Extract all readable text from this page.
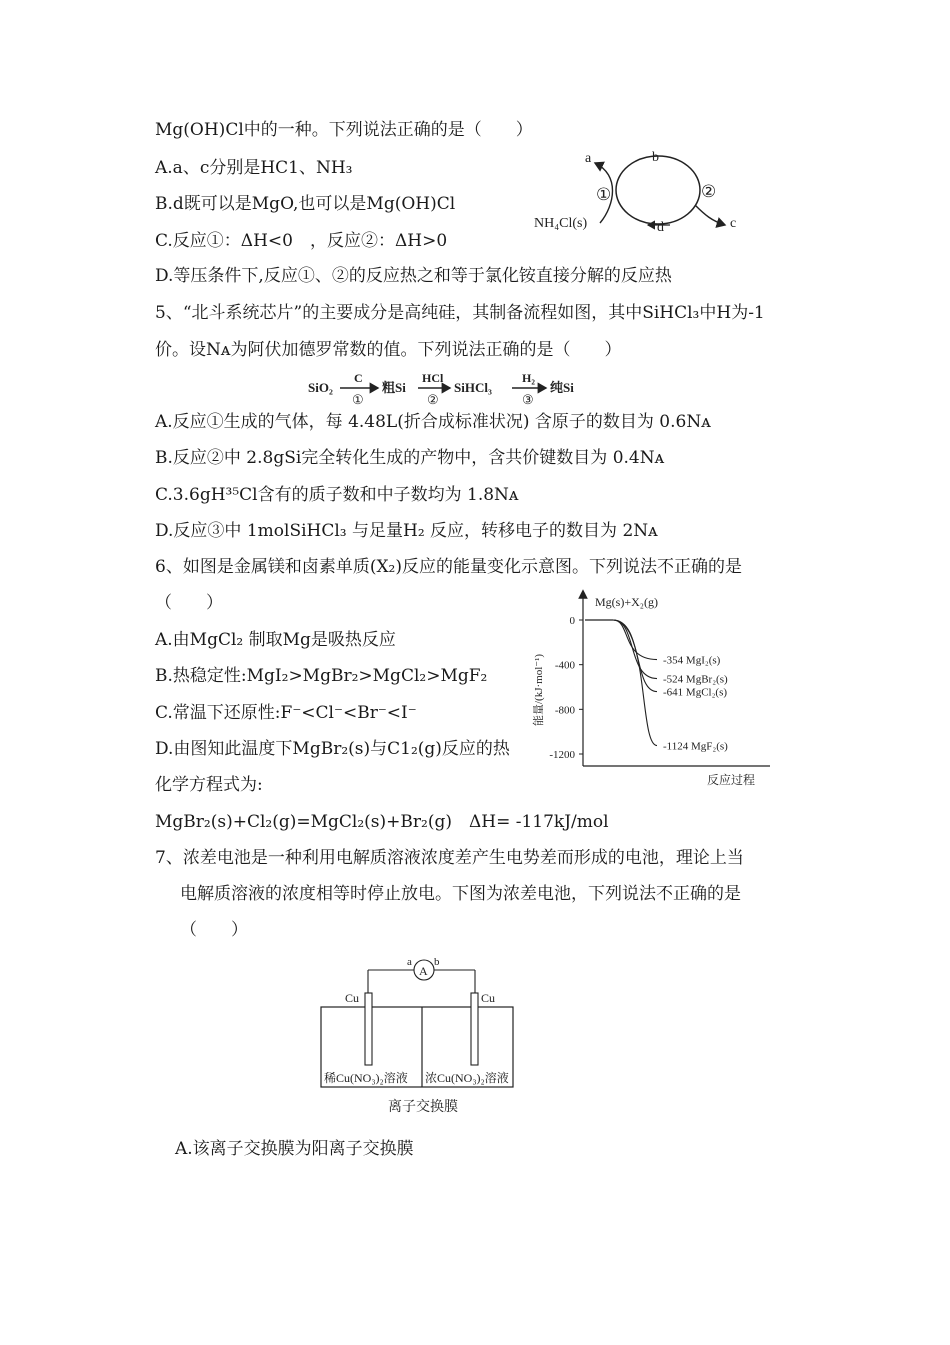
Mg(OH)Cl中的一种。下列说法正确的是（　　）
A.a、c分别是HC1、NH₃
B.d既可以是MgO,也可以是Mg(OH)Cl
C.反应①：ΔH<0　，反应②：ΔH>0
D.等压条件下,反应①、②的反应热之和等于氯化铵直接分解的反应热
a	b
c
d
①	②
NH₄Cl(s)
5、“北斗系统芯片”的主要成分是高纯硅，其制备流程如图，其中SiHCl₃中H为-1
价。设Nᴀ为阿伏加德罗常数的值。下列说法正确的是（　　）
SiO₂
C
①
粗Si
HCl
②
SiHCl₃
H₂
③
纯Si
A.反应①生成的气体，每 4.48L(折合成标准状况) 含原子的数目为 0.6Nᴀ
B.反应②中 2.8gSi完全转化生成的产物中，含共价键数目为 0.4Nᴀ
C.3.6gH³⁵Cl含有的质子数和中子数均为 1.8Nᴀ
D.反应③中 1molSiHCl₃ 与足量H₂ 反应，转移电子的数目为 2Nᴀ
6、如图是金属镁和卤素单质(X₂)反应的能量变化示意图。下列说法不正确的是
（　　）
A.由MgCl₂ 制取Mg是吸热反应
B.热稳定性:MgI₂>MgBr₂>MgCl₂>MgF₂
C.常温下还原性:F⁻<Cl⁻<Br⁻<I⁻
D.由图知此温度下MgBr₂(s)与C1₂(g)反应的热
化学方程式为:
MgBr₂(s)+Cl₂(g)=MgCl₂(s)+Br₂(g)　ΔH= -117kJ/mol
Mg(s)+X₂(g)
反应过程
能量/(kJ·mol⁻¹)
0
-400
-800
-1200
-354 MgI₂(s)
-524 MgBr₂(s)
-641 MgCl₂(s)
-1124 MgF₂(s)
7、浓差电池是一种利用电解质溶液浓度差产生电势差而形成的电池，理论上当
电解质溶液的浓度相等时停止放电。下图为浓差电池，下列说法不正确的是
（　　）
A
a b
Cu	Cu
稀Cu(NO₃)₂溶液 浓Cu(NO₃)₂溶液
离子交换膜
A.该离子交换膜为阳离子交换膜
